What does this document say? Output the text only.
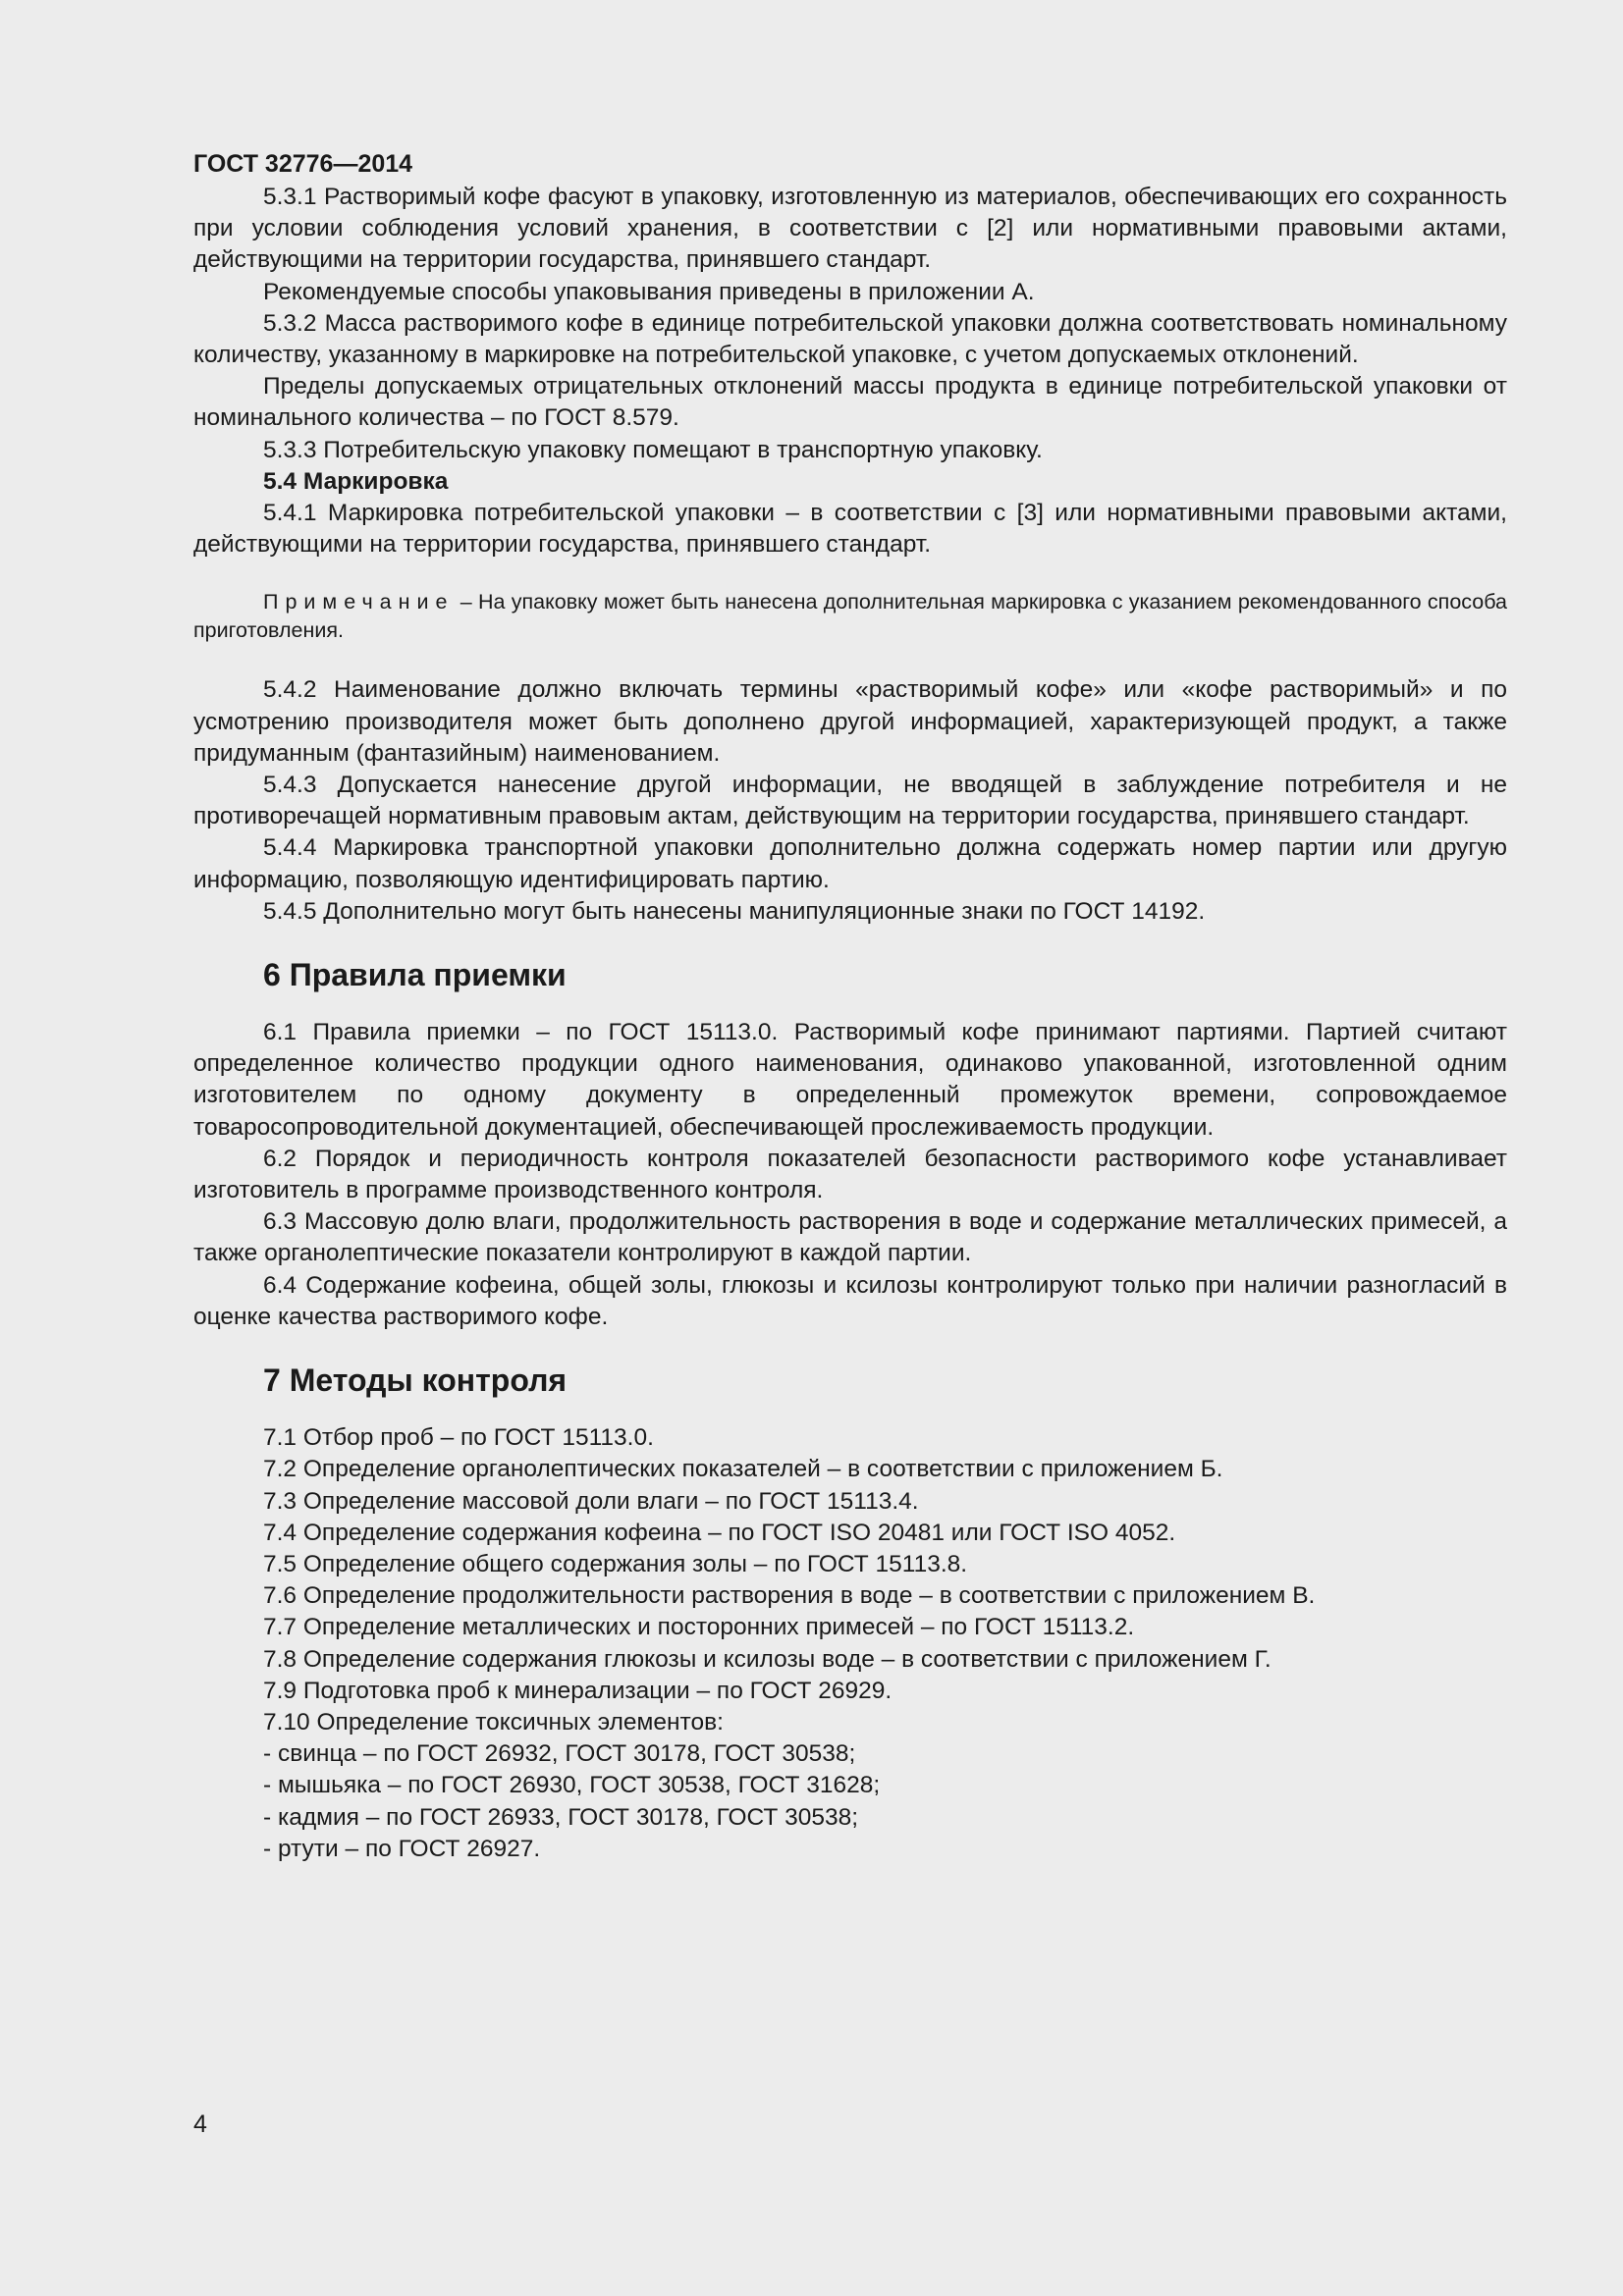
ГОСТ 32776—2014

5.3.1 Растворимый кофе фасуют в упаковку, изготовленную из материалов, обеспечивающих его сохранность при условии соблюдения условий хранения, в соответствии с [2] или нормативными правовыми актами, действующими на территории государства, принявшего стандарт.

Рекомендуемые способы упаковывания приведены в приложении А.

5.3.2 Масса растворимого кофе в единице потребительской упаковки должна соответствовать номинальному количеству, указанному в маркировке на потребительской упаковке, с учетом допускаемых отклонений.

Пределы допускаемых отрицательных отклонений массы продукта в единице потребительской упаковки от номинального количества – по ГОСТ 8.579.

5.3.3 Потребительскую упаковку помещают в транспортную упаковку.

5.4 Маркировка

5.4.1 Маркировка потребительской упаковки – в соответствии с [3] или нормативными правовыми актами, действующими на территории государства, принявшего стандарт.

Примечание – На упаковку может быть нанесена дополнительная маркировка с указанием рекомендованного способа приготовления.

5.4.2 Наименование должно включать термины «растворимый кофе» или «кофе растворимый» и по усмотрению производителя может быть дополнено другой информацией, характеризующей продукт, а также придуманным (фантазийным) наименованием.

5.4.3 Допускается нанесение другой информации, не вводящей в заблуждение потребителя и не противоречащей нормативным правовым актам, действующим на территории государства, принявшего стандарт.

5.4.4 Маркировка транспортной упаковки дополнительно должна содержать номер партии или другую информацию, позволяющую идентифицировать партию.

5.4.5 Дополнительно могут быть нанесены манипуляционные знаки по ГОСТ 14192.

6 Правила приемки

6.1 Правила приемки – по ГОСТ 15113.0. Растворимый кофе принимают партиями. Партией считают определенное количество продукции одного наименования, одинаково упакованной, изготовленной одним изготовителем по одному документу в определенный промежуток времени, сопровождаемое товаросопроводительной документацией, обеспечивающей прослеживаемость продукции.

6.2 Порядок и периодичность контроля показателей безопасности растворимого кофе устанавливает изготовитель в программе производственного контроля.

6.3 Массовую долю влаги, продолжительность растворения в воде и содержание металлических примесей, а также органолептические показатели контролируют в каждой партии.

6.4 Содержание кофеина, общей золы, глюкозы и ксилозы контролируют только при наличии разногласий в оценке качества растворимого кофе.

7 Методы контроля

7.1 Отбор проб – по ГОСТ 15113.0.

7.2 Определение органолептических показателей – в соответствии с приложением Б.

7.3 Определение массовой доли влаги – по ГОСТ 15113.4.

7.4 Определение содержания кофеина – по ГОСТ ISO 20481 или ГОСТ ISO 4052.

7.5 Определение общего содержания золы – по ГОСТ 15113.8.

7.6 Определение продолжительности растворения в воде – в соответствии с приложением В.

7.7 Определение металлических и посторонних примесей – по ГОСТ 15113.2.

7.8 Определение содержания глюкозы и ксилозы воде – в соответствии с приложением Г.

7.9 Подготовка проб к минерализации – по ГОСТ 26929.

7.10 Определение токсичных элементов:

- свинца – по ГОСТ 26932, ГОСТ 30178, ГОСТ 30538;

- мышьяка – по ГОСТ 26930, ГОСТ 30538, ГОСТ 31628;

- кадмия – по ГОСТ 26933, ГОСТ 30178, ГОСТ 30538;

- ртути – по ГОСТ 26927.

4
